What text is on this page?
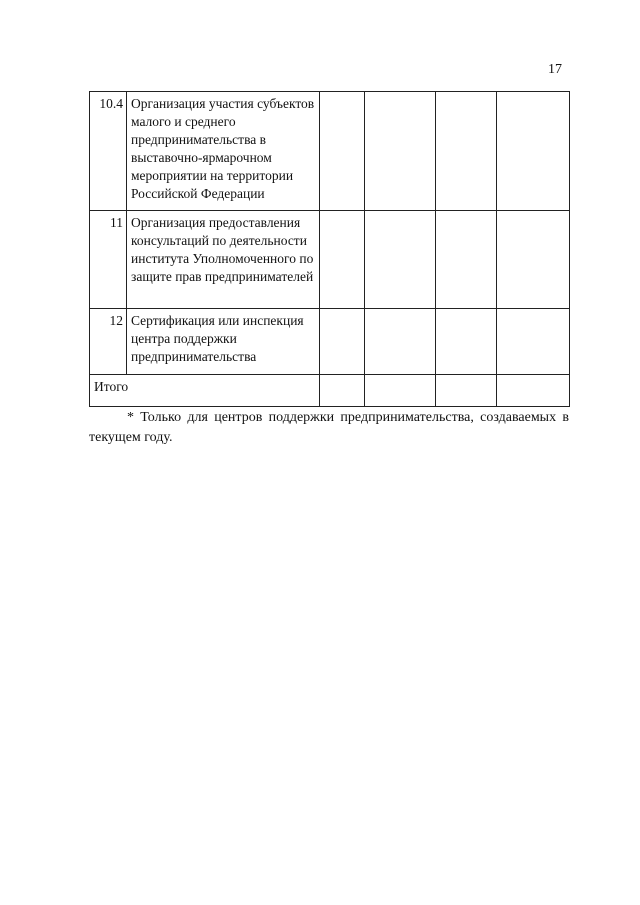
17
10.4	Организация участия субъектов малого и среднего предпринимательства в выставочно-ярмарочном мероприятии на территории Российской Федерации				
11	Организация предоставления консультаций по деятельности института Уполномоченного по защите прав предпринимателей				
12	Сертификация или инспекция центра поддержки предпринимательства				
Итого					

* Только для центров поддержки предпринимательства, создаваемых в текущем году.
